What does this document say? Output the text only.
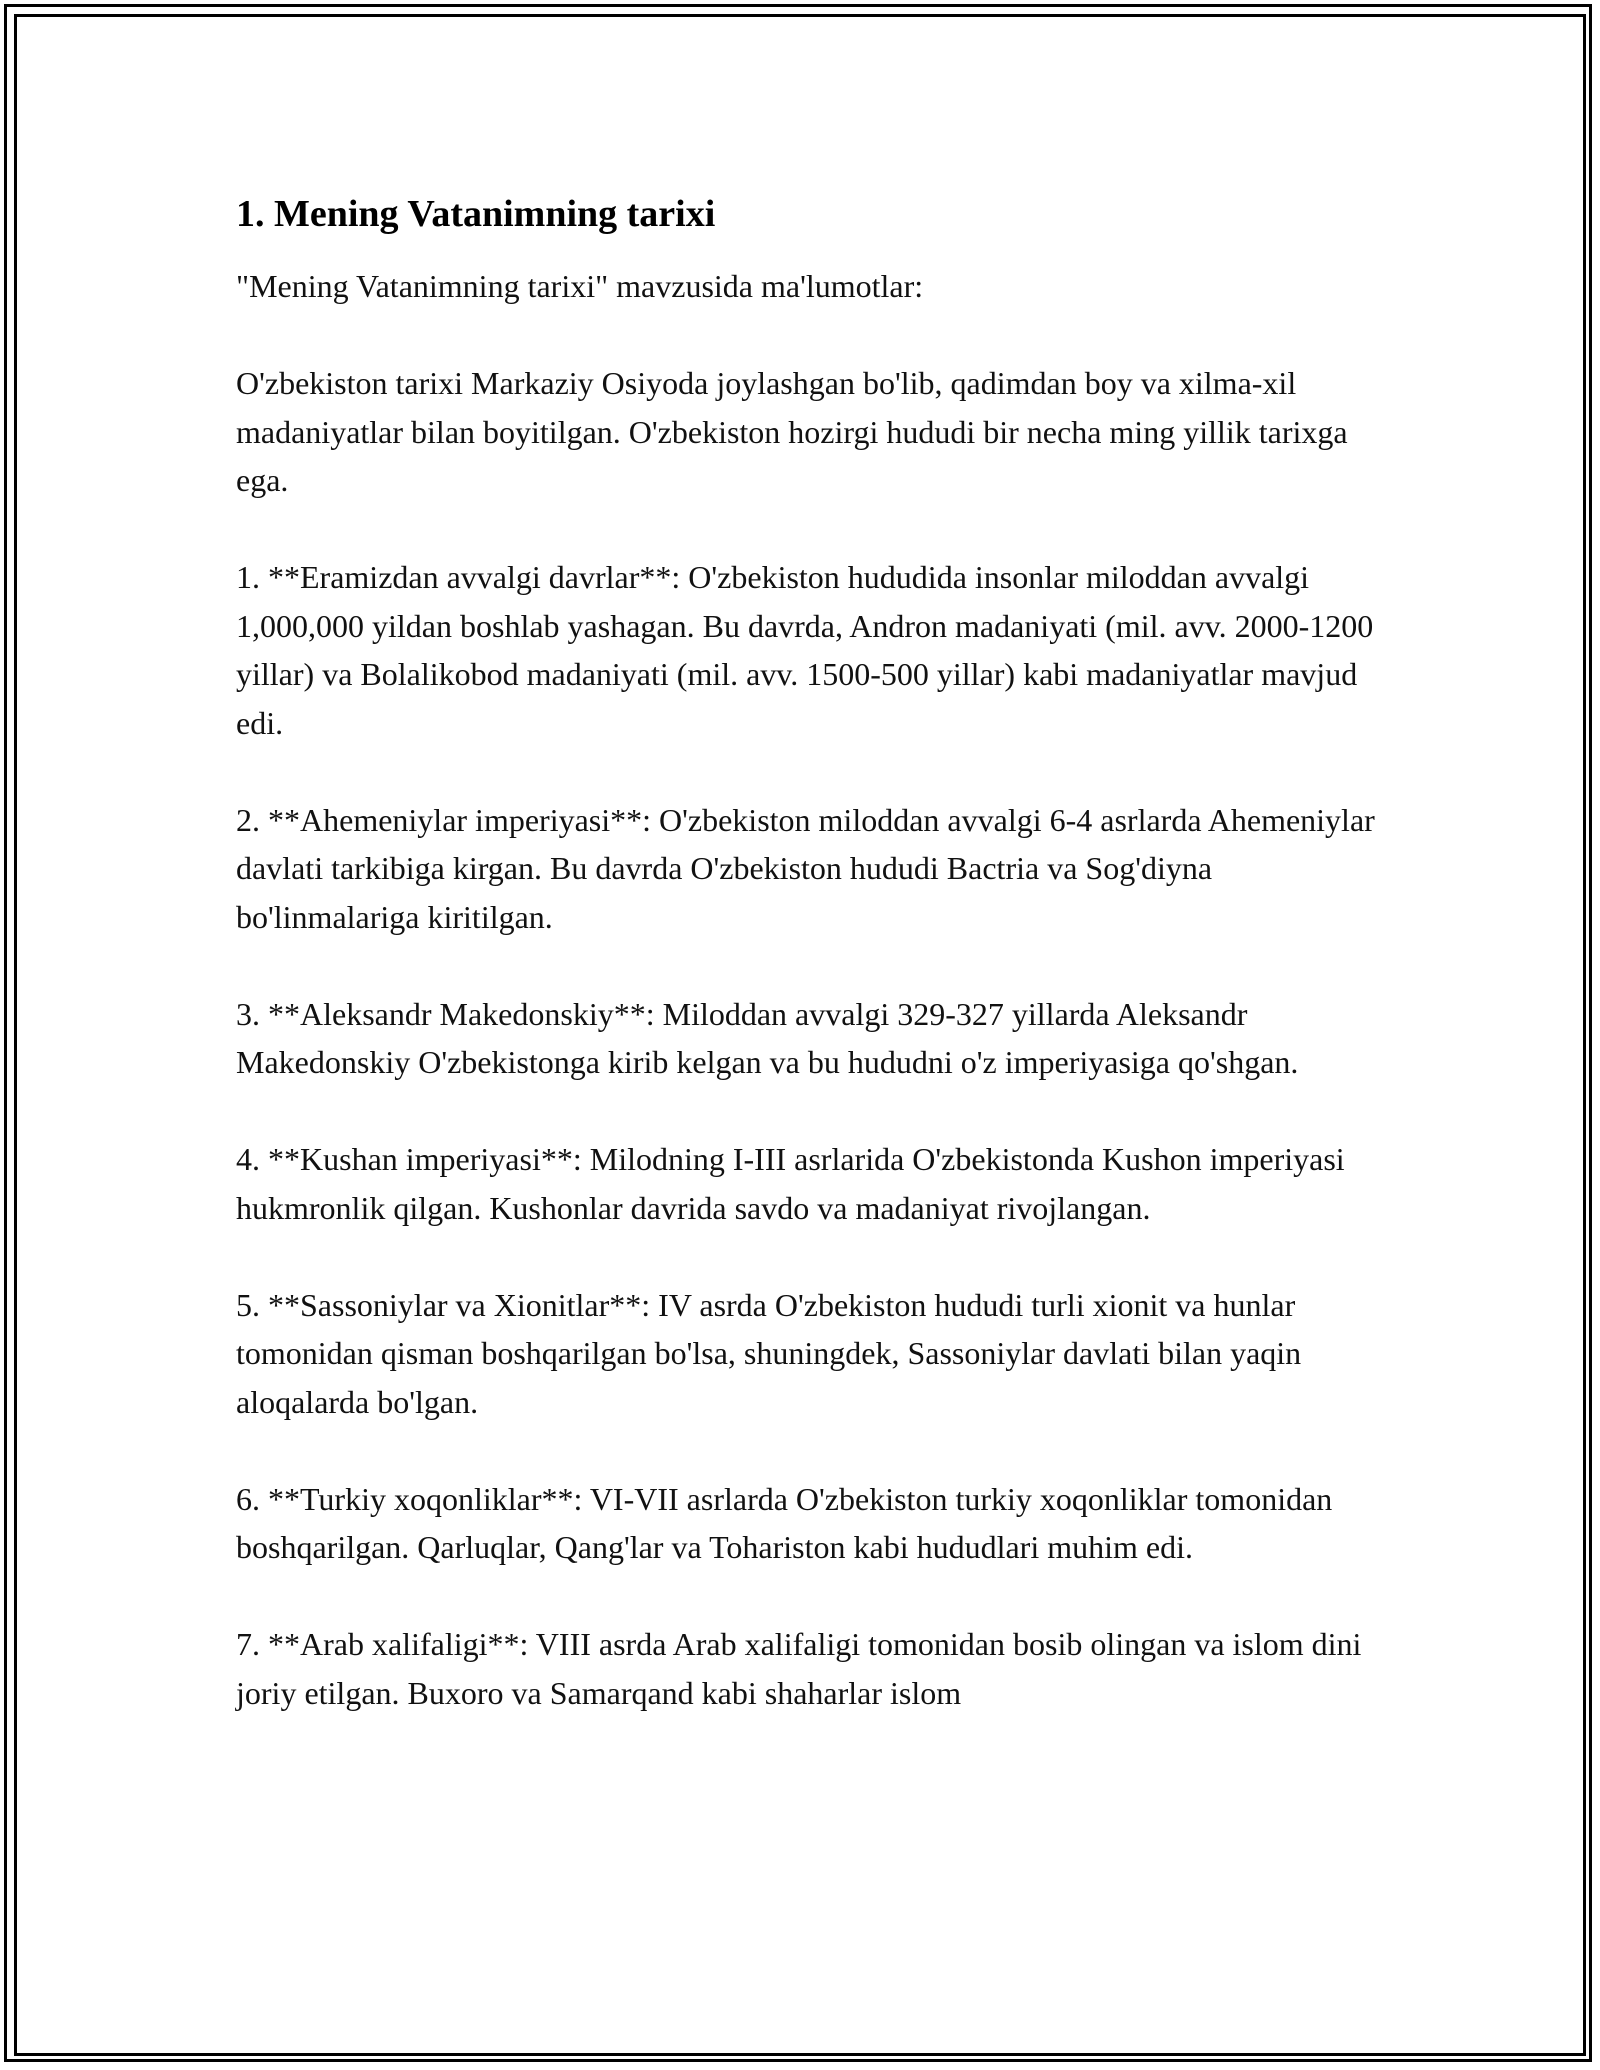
1. Mening Vatanimning tarixi

"Mening Vatanimning tarixi" mavzusida ma'lumotlar:

O'zbekiston tarixi Markaziy Osiyoda joylashgan bo'lib, qadimdan boy va xilma-xil madaniyatlar bilan boyitilgan. O'zbekiston hozirgi hududi bir necha ming yillik tarixga ega.

1. **Eramizdan avvalgi davrlar**: O'zbekiston hududida insonlar miloddan avvalgi 1,000,000 yildan boshlab yashagan. Bu davrda, Andron madaniyati (mil. avv. 2000-1200 yillar) va Bolalikobod madaniyati (mil. avv. 1500-500 yillar) kabi madaniyatlar mavjud edi.

2. **Ahemeniylar imperiyasi**: O'zbekiston miloddan avvalgi 6-4 asrlarda Ahemeniylar davlati tarkibiga kirgan. Bu davrda O'zbekiston hududi Bactria va Sog'diyna bo'linmalariga kiritilgan.

3. **Aleksandr Makedonskiy**: Miloddan avvalgi 329-327 yillarda Aleksandr Makedonskiy O'zbekistonga kirib kelgan va bu hududni o'z imperiyasiga qo'shgan.

4. **Kushan imperiyasi**: Milodning I-III asrlarida O'zbekistonda Kushon imperiyasi hukmronlik qilgan. Kushonlar davrida savdo va madaniyat rivojlangan.

5. **Sassoniylar va Xionitlar**: IV asrda O'zbekiston hududi turli xionit va hunlar tomonidan qisman boshqarilgan bo'lsa, shuningdek, Sassoniylar davlati bilan yaqin aloqalarda bo'lgan.

6. **Turkiy xoqonliklar**: VI-VII asrlarda O'zbekiston turkiy xoqonliklar tomonidan boshqarilgan. Qarluqlar, Qang'lar va Tohariston kabi hududlari muhim edi.

7. **Arab xalifaligi**: VIII asrda Arab xalifaligi tomonidan bosib olingan va islom dini joriy etilgan. Buxoro va Samarqand kabi shaharlar islom
